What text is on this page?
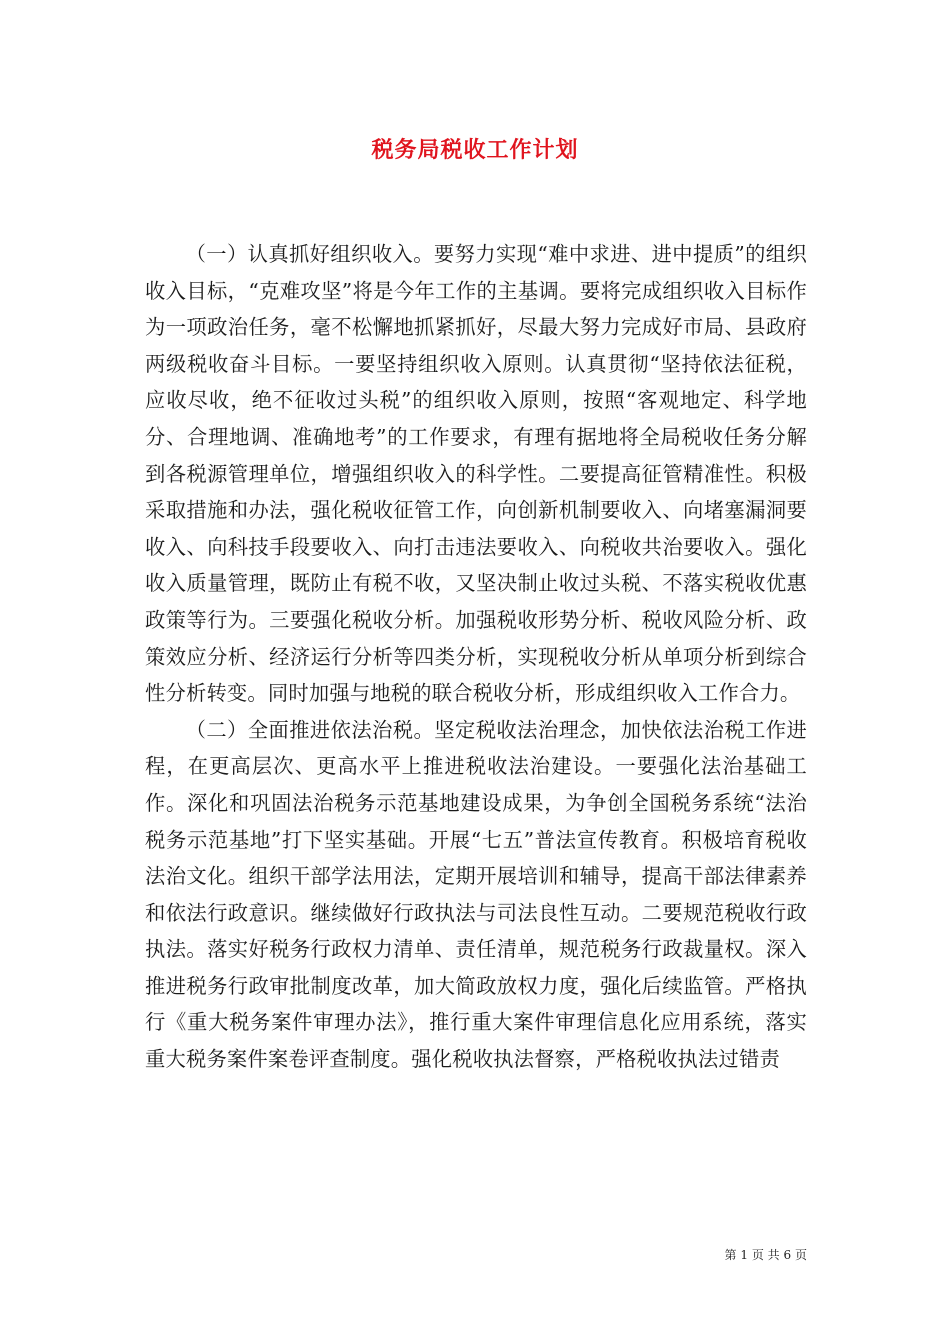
税务局税收工作计划

（一）认真抓好组织收入。要努力实现“难中求进、进中提质”的组织收入目标，“克难攻坚”将是今年工作的主基调。要将完成组织收入目标作为一项政治任务，毫不松懈地抓紧抓好，尽最大努力完成好市局、县政府两级税收奋斗目标。一要坚持组织收入原则。认真贯彻“坚持依法征税，应收尽收，绝不征收过头税”的组织收入原则，按照“客观地定、科学地分、合理地调、准确地考”的工作要求，有理有据地将全局税收任务分解到各税源管理单位，增强组织收入的科学性。二要提高征管精准性。积极采取措施和办法，强化税收征管工作，向创新机制要收入、向堵塞漏洞要收入、向科技手段要收入、向打击违法要收入、向税收共治要收入。强化收入质量管理，既防止有税不收，又坚决制止收过头税、不落实税收优惠政策等行为。三要强化税收分析。加强税收形势分析、税收风险分析、政策效应分析、经济运行分析等四类分析，实现税收分析从单项分析到综合性分析转变。同时加强与地税的联合税收分析，形成组织收入工作合力。

（二）全面推进依法治税。坚定税收法治理念，加快依法治税工作进程，在更高层次、更高水平上推进税收法治建设。一要强化法治基础工作。深化和巩固法治税务示范基地建设成果，为争创全国税务系统“法治税务示范基地”打下坚实基础。开展“七五”普法宣传教育。积极培育税收法治文化。组织干部学法用法，定期开展培训和辅导，提高干部法律素养和依法行政意识。继续做好行政执法与司法良性互动。二要规范税收行政执法。落实好税务行政权力清单、责任清单，规范税务行政裁量权。深入推进税务行政审批制度改革，加大简政放权力度，强化后续监管。严格执行《重大税务案件审理办法》，推行重大案件审理信息化应用系统，落实重大税务案件案卷评查制度。强化税收执法督察，严格税收执法过错责

第 1 页 共 6 页
